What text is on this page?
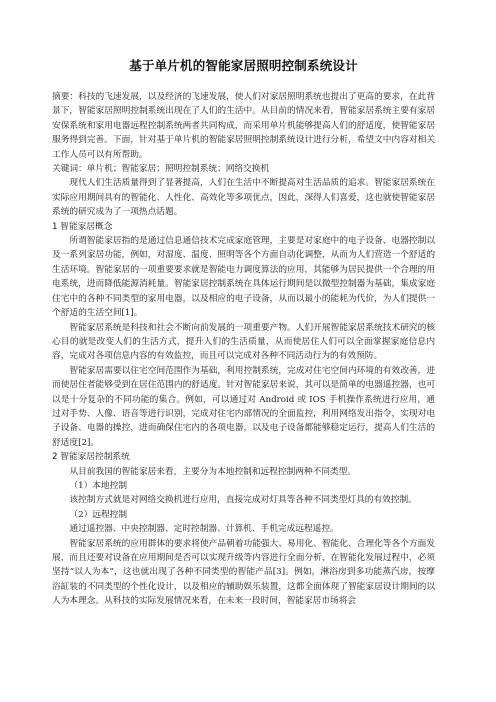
基于单片机的智能家居照明控制系统设计

摘要：科技的飞速发展，以及经济的飞速发展，使人们对家居照明系统也提出了更高的要求，在此背景下，智能家居照明控制系统出现在了人们的生活中。从目前的情况来看，智能家居系统主要有家居安保系统和家用电器远程控制系统两者共同构成，而采用单片机能够提高人们的舒适度，使智能家居服务得到完善。下面，针对基于单片机的智能家居照明控制系统设计进行分析，希望文中内容对相关工作人员可以有所帮助。

关键词：单片机；智能家居；照明控制系统；网络交换机

现代人们生活质量得到了显著提高，人们在生活中不断提高对生活品质的追求。智能家居系统在实际应用期间具有的智能化、人性化、高效化等多项优点，因此，深得人们喜爱，这也就使智能家居系统的研究成为了一项热点话题。

1 智能家居概念

所谓智能家居指的是通过信息通信技术完成家庭管理，主要是对家庭中的电子设备、电器控制以及一系列家居功能，例如，对湿度、温度、照明等各个方面自动化调整，从而为人们营造一个舒适的生活环境。智能家居的一项重要要求就是智能电力调度算法的应用，其能够为居民提供一个合理的用电系统，进而降低能源消耗量。智能家居控制系统在具体运行期间是以微型控制器为基础，集成家庭住宅中的各种不同类型的家用电器，以及相应的电子设备，从而以最小的能耗为代价，为人们提供一个舒适的生活空间[1]。

智能家居系统是科技和社会不断向前发展的一项重要产物。人们开展智能家居系统技术研究的核心目的就是改变人们的生活方式，提升人们的生活质量，从而使居住人们可以全面掌握家庭信息内容，完成对各项信息内容的有效监控，而且可以完成对各种不同活动行为的有效预防。

智能家居需要以住宅空间范围作为基础，利用控制系统，完成对住宅空间内环境的有效改善，进而使居住者能够受到在居住范围内的舒适度。针对智能家居来说，其可以是简单的电器遥控器，也可以是十分复杂的不同功能的集合。例如，可以通过对 Android 或 IOS 手机操作系统进行应用，通过对手势、人像、语音等进行识别，完成对住宅内部情况的全面监控，利用网络发出指令，实现对电子设备、电器的操控，进而确保住宅内的各项电器，以及电子设备都能够稳定运行，提高人们生活的舒适度[2]。

2 智能家居控制系统

从目前我国的智能家居来看，主要分为本地控制和远程控制两种不同类型。

（1）本地控制

该控制方式就是对网络交换机进行应用，直接完成对灯具等各种不同类型灯具的有效控制。

（2）远程控制

通过遥控器、中央控制器、定时控制器、计算机、手机完成远程遥控。

智能家居系统的应用群体的要求将使产品朝着功能强大、易用化、智能化、合理化等各个方面发展，而且还要对设备在应用期间是否可以实现升级等内容进行全面分析，在智能化发展过程中，必须坚持“以人为本”，这也就出现了各种不同类型的智能产品[3]。例如，淋浴房到多功能蒸汽房，按摩浴缸装的不同类型的个性化设计，以及相应的辅助娱乐装置，这都全面体现了智能家居设计期间的以人为本理念。从科技的实际发展情况来看，在未来一段时间，智能家居市场将会
